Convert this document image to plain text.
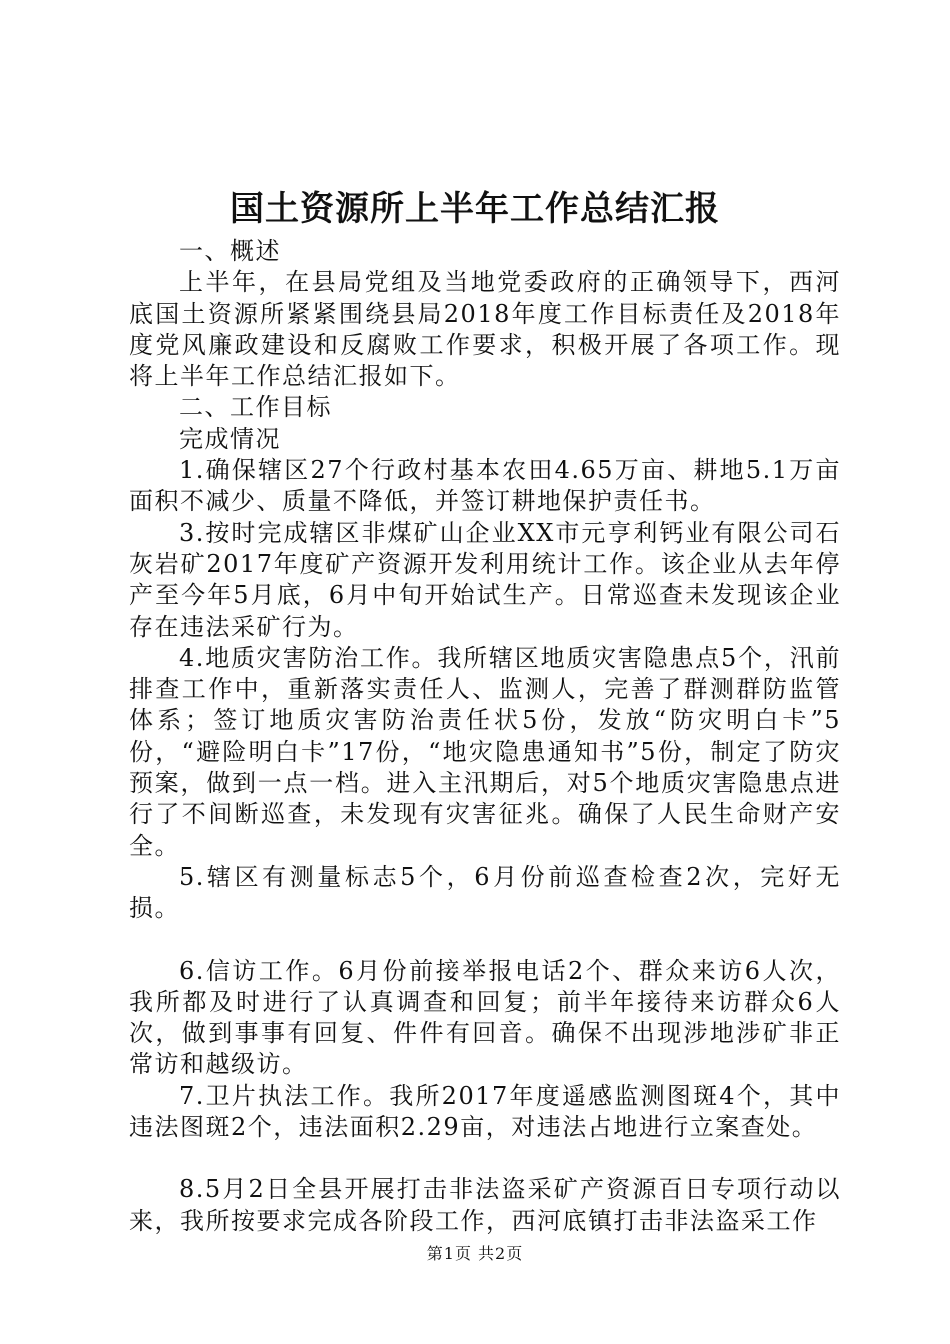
国土资源所上半年工作总结汇报

一、概述

上半年，在县局党组及当地党委政府的正确领导下，西河底国土资源所紧紧围绕县局2018年度工作目标责任及2018年度党风廉政建设和反腐败工作要求，积极开展了各项工作。现将上半年工作总结汇报如下。

二、工作目标

完成情况

1.确保辖区27个行政村基本农田4.65万亩、耕地5.1万亩面积不减少、质量不降低，并签订耕地保护责任书。

3.按时完成辖区非煤矿山企业XX市元亨利钙业有限公司石灰岩矿2017年度矿产资源开发利用统计工作。该企业从去年停产至今年5月底，6月中旬开始试生产。日常巡查未发现该企业存在违法采矿行为。

4.地质灾害防治工作。我所辖区地质灾害隐患点5个，汛前排查工作中，重新落实责任人、监测人，完善了群测群防监管体系；签订地质灾害防治责任状5份，发放“防灾明白卡”5份，“避险明白卡”17份，“地灾隐患通知书”5份，制定了防灾预案，做到一点一档。进入主汛期后，对5个地质灾害隐患点进行了不间断巡查，未发现有灾害征兆。确保了人民生命财产安全。

5.辖区有测量标志5个，6月份前巡查检查2次，完好无损。

6.信访工作。6月份前接举报电话2个、群众来访6人次，我所都及时进行了认真调查和回复；前半年接待来访群众6人次，做到事事有回复、件件有回音。确保不出现涉地涉矿非正常访和越级访。

7.卫片执法工作。我所2017年度遥感监测图斑4个，其中违法图斑2个，违法面积2.29亩，对违法占地进行立案查处。

8.5月2日全县开展打击非法盗采矿产资源百日专项行动以来，我所按要求完成各阶段工作，西河底镇打击非法盗采工作

第1页 共2页
